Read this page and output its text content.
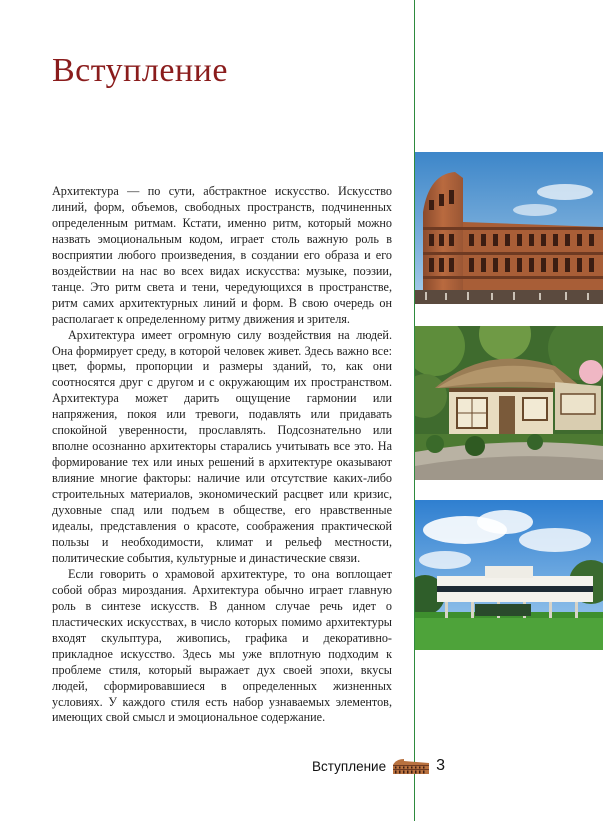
Вступление

Архитектура — по сути, абстрактное искусство. Искусство линий, форм, объемов, свободных пространств, подчиненных определенным ритмам. Кстати, именно ритм, который можно назвать эмоциональным кодом, играет столь важную роль в восприятии любого произведения, в создании его образа и его воздействии на нас во всех видах искусства: музыке, поэзии, танце. Это ритм света и тени, чередующихся в пространстве, ритм самих архитектурных линий и форм. В свою очередь он располагает к определенному ритму движения и зрителя.

Архитектура имеет огромную силу воздействия на людей. Она формирует среду, в которой человек живет. Здесь важно все: цвет, формы, пропорции и размеры зданий, то, как они соотносятся друг с другом и с окружающим их пространством. Архитектура может дарить ощущение гармонии или напряжения, покоя или тревоги, подавлять или придавать спокойной уверенности, прославлять. Подсознательно или вполне осознанно архитекторы старались учитывать все это. На формирование тех или иных решений в архитектуре оказывают влияние многие факторы: наличие или отсутствие каких-либо строительных материалов, экономический расцвет или кризис, духовные спад или подъем в обществе, его нравственные идеалы, представления о красоте, соображения практической пользы и необходимости, климат и рельеф местности, политические события, культурные и династические связи.

Если говорить о храмовой архитектуре, то она воплощает собой образ мироздания. Архитектура обычно играет главную роль в синтезе искусств. В данном случае речь идет о пластических искусствах, в число которых помимо архитектуры входят скульптура, живопись, графика и декоративно-прикладное искусство. Здесь мы уже вплотную подходим к проблеме стиля, который выражает дух своей эпохи, вкусы людей, сформировавшиеся в определенных жизненных условиях. У каждого стиля есть набор узнаваемых элементов, имеющих свой смысл и эмоциональное содержание.

Вступление	3
